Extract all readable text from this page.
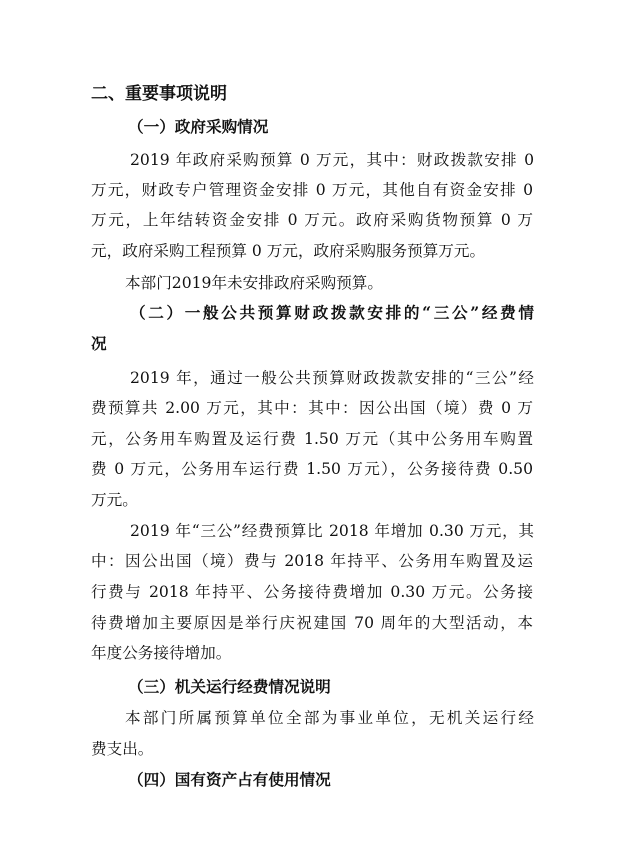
二、重要事项说明

（一）政府采购情况

2019 年政府采购预算 0 万元，其中：财政拨款安排 0

万元，财政专户管理资金安排 0 万元，其他自有资金安排 0

万元，上年结转资金安排 0 万元。政府采购货物预算 0 万

元，政府采购工程预算 0 万元，政府采购服务预算万元。

本部门2019年未安排政府采购预算。

（二）一般公共预算财政拨款安排的“三公”经费情

况

2019 年，通过一般公共预算财政拨款安排的“三公”经

费预算共 2.00 万元，其中：其中：因公出国（境）费 0 万

元，公务用车购置及运行费 1.50 万元（其中公务用车购置

费 0 万元，公务用车运行费 1.50 万元），公务接待费 0.50

万元。

2019 年“三公”经费预算比 2018 年增加 0.30 万元，其

中：因公出国（境）费与 2018 年持平、公务用车购置及运

行费与 2018 年持平、公务接待费增加 0.30 万元。公务接

待费增加主要原因是举行庆祝建国 70 周年的大型活动，本

年度公务接待增加。

（三）机关运行经费情况说明

本部门所属预算单位全部为事业单位，无机关运行经

费支出。

（四）国有资产占有使用情况
